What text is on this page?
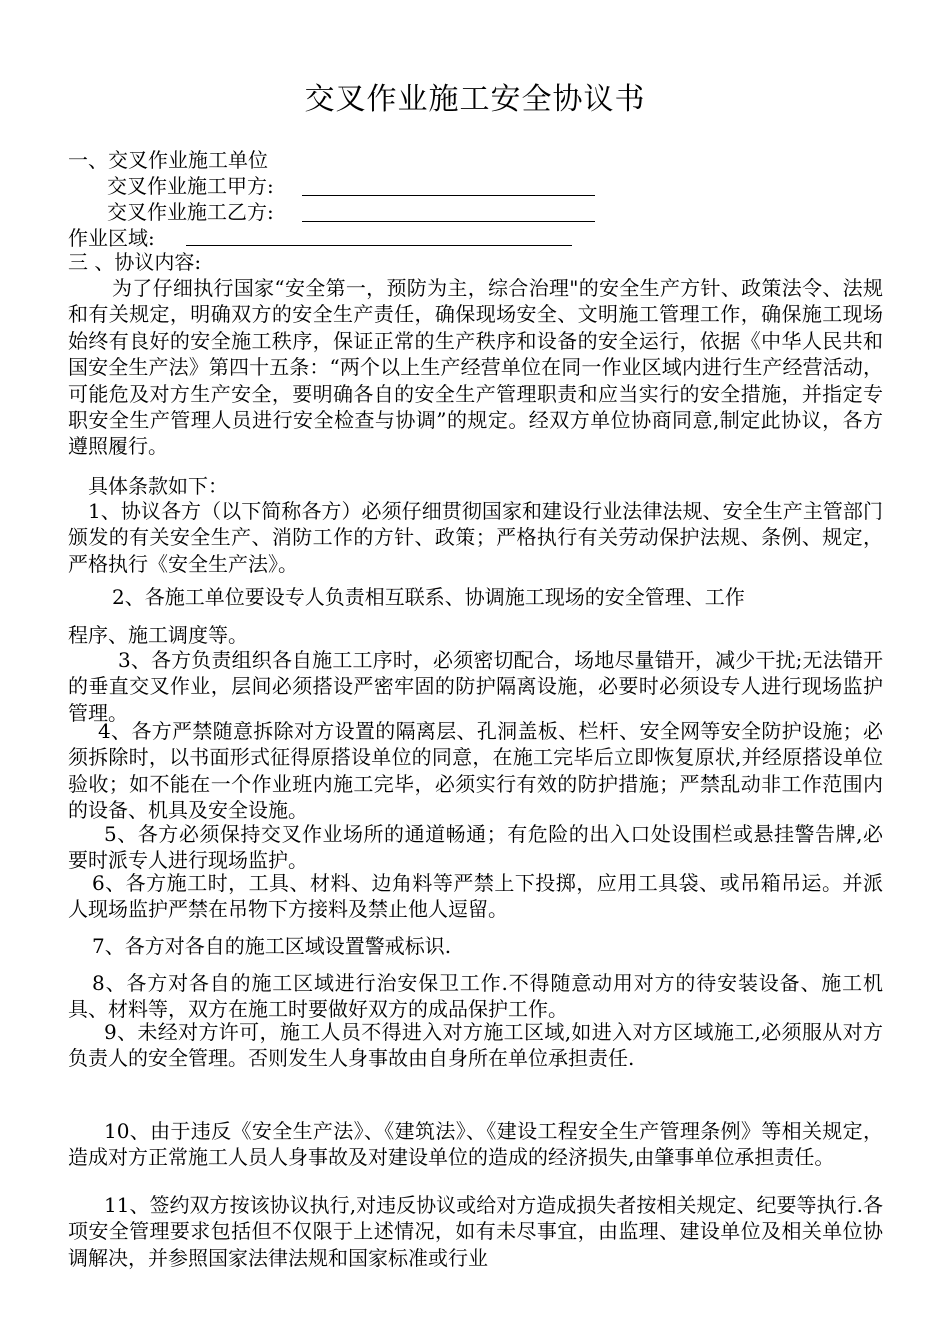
交叉作业施工安全协议书
一、交叉作业施工单位
交叉作业施工甲方:
交叉作业施工乙方:
作业区域:
三 、协议内容:
为了仔细执行国家“安全第一，预防为主，综合治理"的安全生产方针、政策法令、法规和有关规定，明确双方的安全生产责任，确保现场安全、文明施工管理工作，确保施工现场始终有良好的安全施工秩序，保证正常的生产秩序和设备的安全运行，依据《中华人民共和国安全生产法》第四十五条：“两个以上生产经营单位在同一作业区域内进行生产经营活动，可能危及对方生产安全，要明确各自的安全生产管理职责和应当实行的安全措施，并指定专职安全生产管理人员进行安全检查与协调”的规定。经双方单位协商同意,制定此协议，各方遵照履行。
具体条款如下：
1、协议各方（以下简称各方）必须仔细贯彻国家和建设行业法律法规、安全生产主管部门颁发的有关安全生产、消防工作的方针、政策；严格执行有关劳动保护法规、条例、规定，严格执行《安全生产法》。
2、各施工单位要设专人负责相互联系、协调施工现场的安全管理、工作
程序、施工调度等。
3、各方负责组织各自施工工序时，必须密切配合，场地尽量错开，减少干扰;无法错开的垂直交叉作业，层间必须搭设严密牢固的防护隔离设施，必要时必须设专人进行现场监护管理。
4、各方严禁随意拆除对方设置的隔离层、孔洞盖板、栏杆、安全网等安全防护设施；必须拆除时，以书面形式征得原搭设单位的同意，在施工完毕后立即恢复原状,并经原搭设单位验收；如不能在一个作业班内施工完毕，必须实行有效的防护措施；严禁乱动非工作范围内的设备、机具及安全设施。
5、各方必须保持交叉作业场所的通道畅通；有危险的出入口处设围栏或悬挂警告牌,必要时派专人进行现场监护。
6、各方施工时，工具、材料、边角料等严禁上下投掷，应用工具袋、或吊箱吊运。并派人现场监护严禁在吊物下方接料及禁止他人逗留。
7、各方对各自的施工区域设置警戒标识.
8、各方对各自的施工区域进行治安保卫工作.不得随意动用对方的待安装设备、施工机具、材料等，双方在施工时要做好双方的成品保护工作。
9、未经对方许可，施工人员不得进入对方施工区域,如进入对方区域施工,必须服从对方负责人的安全管理。否则发生人身事故由自身所在单位承担责任.
10、由于违反《安全生产法》、《建筑法》、《建设工程安全生产管理条例》等相关规定，造成对方正常施工人员人身事故及对建设单位的造成的经济损失,由肇事单位承担责任。
11、签约双方按该协议执行,对违反协议或给对方造成损失者按相关规定、纪要等执行.各项安全管理要求包括但不仅限于上述情况，如有未尽事宜，由监理、建设单位及相关单位协调解决，并参照国家法律法规和国家标准或行业
